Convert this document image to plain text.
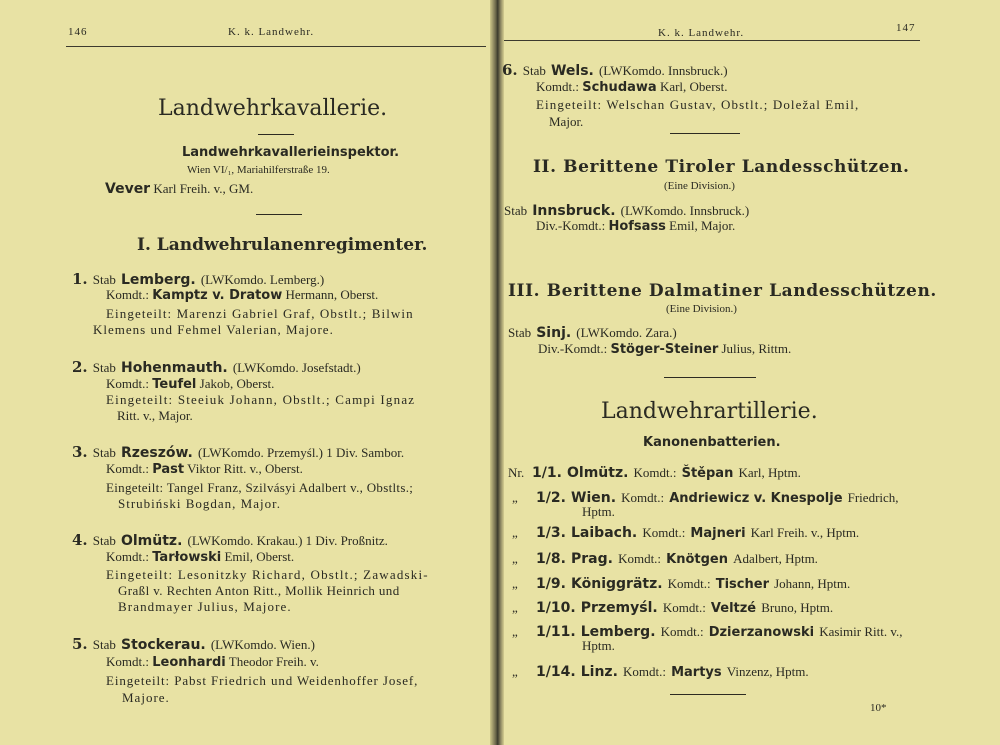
146	K. k. Landwehr.
Landwehrkavallerie.
Landwehrkavallerieinspektor.
Wien VI/₁, Mariahilferstraße 19.
Vever Karl Freih. v., GM.
I. Landwehrulanenregimenter.
1. Stab Lemberg. (LWKomdo. Lemberg.)
Komdt.: Kamptz v. Dratow Hermann, Oberst.
Eingeteilt: Marenzi Gabriel Graf, Obstlt.; Bilwin
Klemens und Fehmel Valerian, Majore.
2. Stab Hohenmauth. (LWKomdo. Josefstadt.)
Komdt.: Teufel Jakob, Oberst.
Eingeteilt: Steeiuk Johann, Obstlt.; Campi Ignaz
Ritt. v., Major.
3. Stab Rzeszów. (LWKomdo. Przemyśl.) 1 Div. Sambor.
Komdt.: Past Viktor Ritt. v., Oberst.
Eingeteilt: Tangel Franz, Szilvásyi Adalbert v., Obstlts.;
Strubiński Bogdan, Major.
4. Stab Olmütz. (LWKomdo. Krakau.) 1 Div. Proßnitz.
Komdt.: Tarłowski Emil, Oberst.
Eingeteilt: Lesonitzky Richard, Obstlt.; Zawadski-
Graßl v. Rechten Anton Ritt., Mollik Heinrich und
Brandmayer Julius, Majore.
5. Stab Stockerau. (LWKomdo. Wien.)
Komdt.: Leonhardi Theodor Freih. v.
Eingeteilt: Pabst Friedrich und Weidenhoffer Josef,
Majore.
K. k. Landwehr.	147
6. Stab Wels. (LWKomdo. Innsbruck.)
Komdt.: Schudawa Karl, Oberst.
Eingeteilt: Welschan Gustav, Obstlt.; Doležal Emil,
Major.
II. Berittene Tiroler Landesschützen.
(Eine Division.)
Stab Innsbruck. (LWKomdo. Innsbruck.)
Div.-Komdt.: Hofsass Emil, Major.
III. Berittene Dalmatiner Landesschützen.
(Eine Division.)
Stab Sinj. (LWKomdo. Zara.)
Div.-Komdt.: Stöger-Steiner Julius, Rittm.
Landwehrartillerie.
Kanonenbatterien.
Nr. 1/1. Olmütz. Komdt.: Štěpan Karl, Hptm.
„ 1/2. Wien. Komdt.: Andriewicz v. Knespolje Friedrich,
Hptm.
„ 1/3. Laibach. Komdt.: Majneri Karl Freih. v., Hptm.
„ 1/8. Prag. Komdt.: Knötgen Adalbert, Hptm.
„ 1/9. Königgrätz. Komdt.: Tischer Johann, Hptm.
„ 1/10. Przemyśl. Komdt.: Veltzé Bruno, Hptm.
„ 1/11. Lemberg. Komdt.: Dzierzanowski Kasimir Ritt. v.,
Hptm.
„ 1/14. Linz. Komdt.: Martys Vinzenz, Hptm.
10*
